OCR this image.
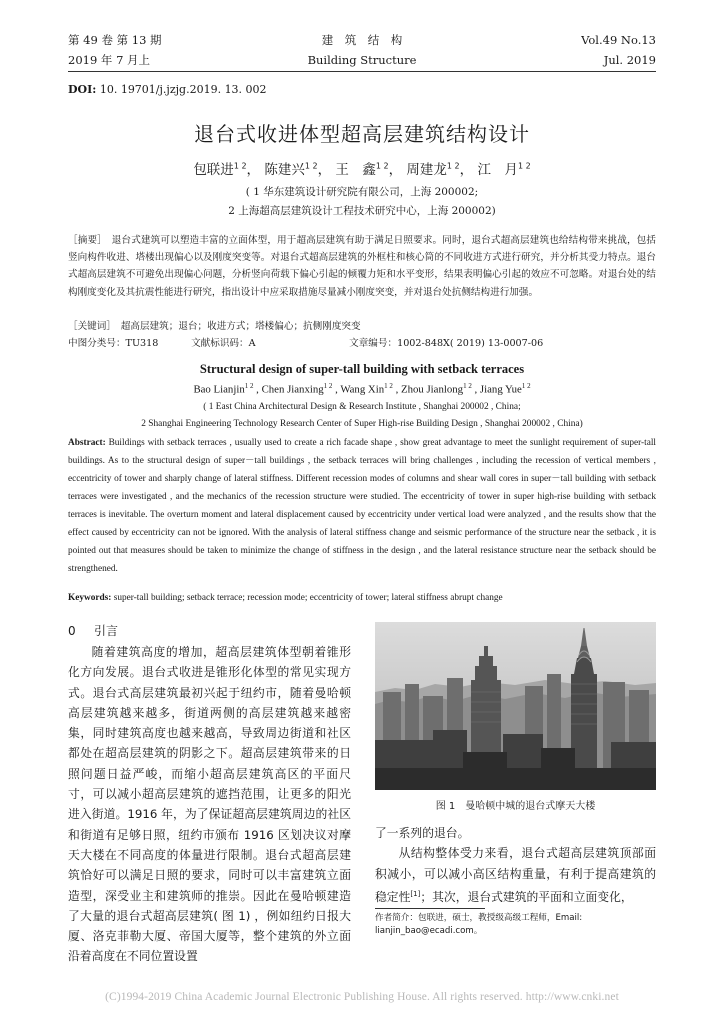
第 49 卷 第 13 期
2019 年 7 月上
建　筑　结　构
Building Structure
Vol.49 No.13
Jul. 2019
DOI: 10. 19701/j.jzjg.2019. 13. 002
退台式收进体型超高层建筑结构设计
包联进$^{1 2}$， 陈建兴$^{1 2}$， 王　鑫$^{1 2}$， 周建龙$^{1 2}$， 江　月$^{1 2}$
( 1 华东建筑设计研究院有限公司，上海 200002;
2 上海超高层建筑设计工程技术研究中心，上海 200002)
［摘要］　退台式建筑可以塑造丰富的立面体型，用于超高层建筑有助于满足日照要求。同时，退台式超高层建筑也给结构带来挑战，包括竖向构件收进、塔楼出现偏心以及刚度突变等。对退台式超高层建筑的外框柱和核心筒的不同收进方式进行研究，并分析其受力特点。退台式超高层建筑不可避免出现偏心问题，分析竖向荷载下偏心引起的倾覆力矩和水平变形，结果表明偏心引起的效应不可忽略。对退台处的结构刚度变化及其抗震性能进行研究，指出设计中应采取措施尽量减小刚度突变，并对退台处抗侧结构进行加强。
［关键词］　超高层建筑；退台；收进方式；塔楼偏心；抗侧刚度突变
中图分类号：TU318	文献标识码：A	文章编号：1002-848X( 2019) 13-0007-06
Structural design of super-tall building with setback terraces
Bao Lianjin$^{1 2}$ , Chen Jianxing$^{1 2}$ , Wang Xin$^{1 2}$ , Zhou Jianlong$^{1 2}$ , Jiang Yue$^{1 2}$
( 1 East China Architectural Design & Research Institute , Shanghai 200002 , China;
2 Shanghai Engineering Technology Research Center of Super High-rise Building Design , Shanghai 200002 , China)
Abstract: Buildings with setback terraces , usually used to create a rich facade shape , show great advantage to meet the sunlight requirement of super-tall buildings. As to the structural design of super－tall buildings , the setback terraces will bring challenges , including the recession of vertical members , eccentricity of tower and sharply change of lateral stiffness. Different recession modes of columns and shear wall cores in super－tall building with setback terraces were investigated , and the mechanics of the recession structure were studied. The eccentricity of tower in super high-rise building with setback terraces is inevitable. The overturn moment and lateral displacement caused by eccentricity under vertical load were analyzed , and the results show that the effect caused by eccentricity can not be ignored. With the analysis of lateral stiffness change and seismic performance of the structure near the setback , it is pointed out that measures should be taken to minimize the change of stiffness in the design , and the lateral resistance structure near the setback should be strengthened.
Keywords: super-tall building; setback terrace; recession mode; eccentricity of tower; lateral stiffness abrupt change
0 引言

随着建筑高度的增加，超高层建筑体型朝着锥形化方向发展。退台式收进是锥形化体型的常见实现方式。退台式高层建筑最初兴起于纽约市，随着曼哈顿高层建筑越来越多，街道两侧的高层建筑越来越密集，同时建筑高度也越来越高，导致周边街道和社区都处在超高层建筑的阴影之下。超高层建筑带来的日照问题日益严峻，而缩小超高层建筑高区的平面尺寸，可以减小超高层建筑的遮挡范围，让更多的阳光进入街道。1916 年，为了保证超高层建筑周边的社区和街道有足够日照，纽约市颁布 1916 区划决议对摩天大楼在不同高度的体量进行限制。退台式超高层建筑恰好可以满足日照的要求，同时可以丰富建筑立面造型，深受业主和建筑师的推崇。因此在曼哈顿建造了大量的退台式超高层建筑( 图 1) ，例如纽约日报大厦、洛克菲勒大厦、帝国大厦等，整个建筑的外立面沿着高度在不同位置设置

图 1　曼哈顿中城的退台式摩天大楼
了一系列的退台。
从结构整体受力来看，退台式超高层建筑顶部面积减小，可以减小高区结构重量，有利于提高建筑的稳定性[1]；其次，退台式建筑的平面和立面变化，
作者简介：包联进，硕士，教授级高级工程师，Email: lianjin_bao@ecadi.com。
(C)1994-2019 China Academic Journal Electronic Publishing House. All rights reserved. http://www.cnki.net
